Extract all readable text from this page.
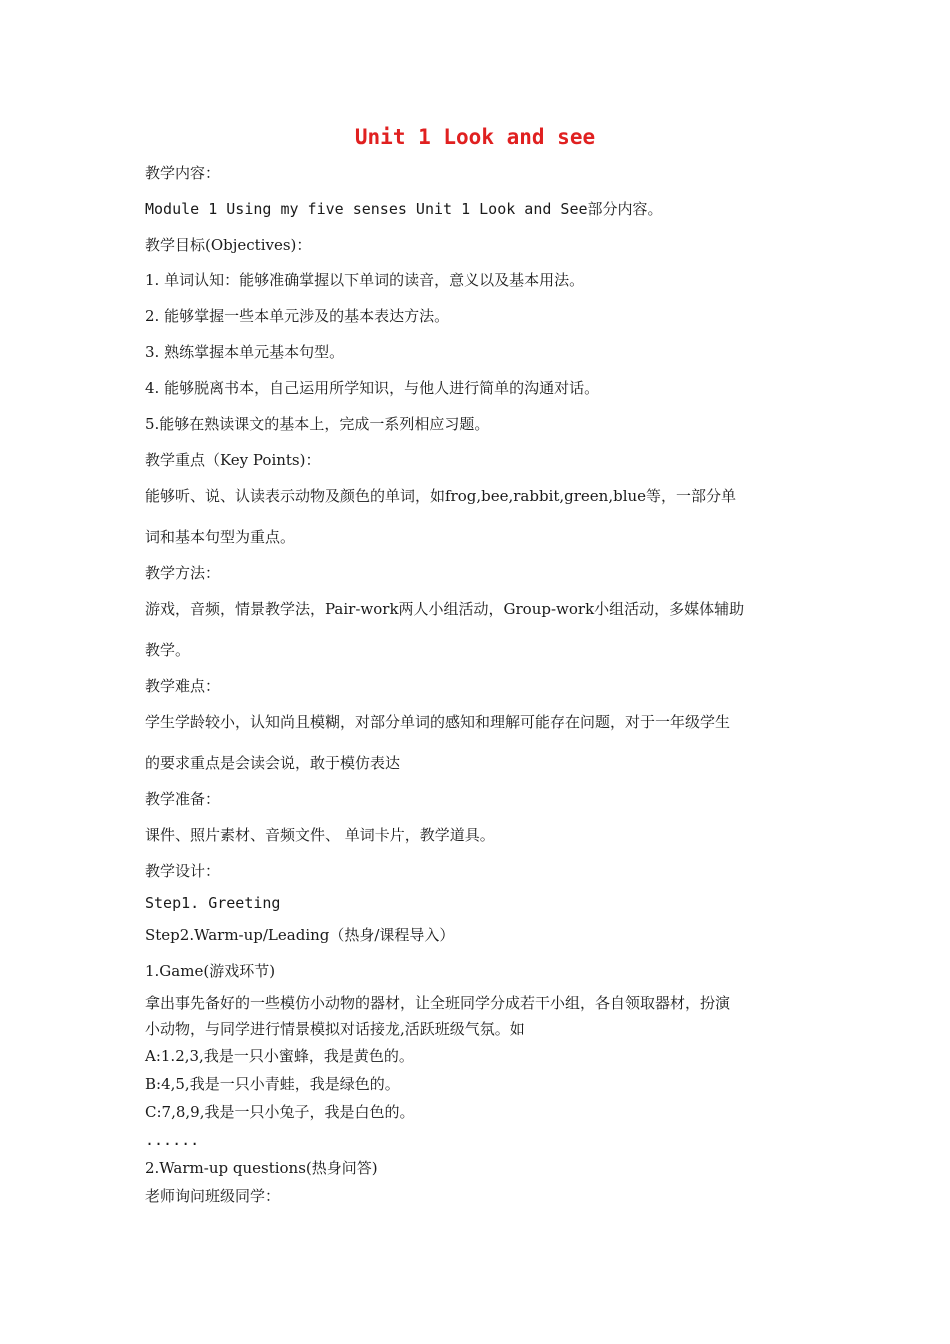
Unit 1 Look and see
教学内容：
Module 1 Using my five senses Unit 1 Look and See部分内容。
教学目标(Objectives)：
1. 单词认知：能够准确掌握以下单词的读音，意义以及基本用法。
2. 能够掌握一些本单元涉及的基本表达方法。
3. 熟练掌握本单元基本句型。
4. 能够脱离书本，自己运用所学知识，与他人进行简单的沟通对话。
5.能够在熟读课文的基本上，完成一系列相应习题。
教学重点（Key Points)：
能够听、说、认读表示动物及颜色的单词，如frog,bee,rabbit,green,blue等，一部分单
词和基本句型为重点。
教学方法：
游戏，音频，情景教学法，Pair-work两人小组活动，Group-work小组活动，多媒体辅助
教学。
教学难点：
学生学龄较小，认知尚且模糊，对部分单词的感知和理解可能存在问题，对于一年级学生
的要求重点是会读会说，敢于模仿表达
教学准备：
课件、照片素材、音频文件、 单词卡片，教学道具。
教学设计：
Step1. Greeting
Step2.Warm-up/Leading（热身/课程导入）
1.Game(游戏环节)
拿出事先备好的一些模仿小动物的器材，让全班同学分成若干小组，各自领取器材，扮演
小动物，与同学进行情景模拟对话接龙,活跃班级气氛。如
A:1.2,3,我是一只小蜜蜂，我是黄色的。
B:4,5,我是一只小青蛙，我是绿色的。
C:7,8,9,我是一只小兔子，我是白色的。
......
2.Warm-up questions(热身问答)
老师询问班级同学：
